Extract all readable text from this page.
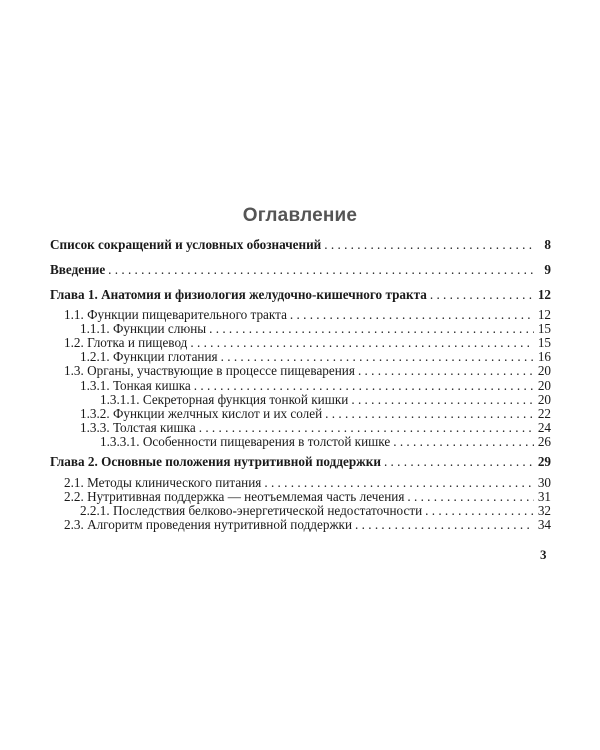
Оглавление
Список сокращений и условных обозначений . . .	8
Введение . . .	9
Глава 1. Анатомия и физиология желудочно-кишечного тракта . . .	12
1.1. Функции пищеварительного тракта . . .	12
1.1.1. Функции слюны . . .	15
1.2. Глотка и пищевод . . .	15
1.2.1. Функции глотания . . .	16
1.3. Органы, участвующие в процессе пищеварения . . .	20
1.3.1. Тонкая кишка . . .	20
1.3.1.1. Секреторная функция тонкой кишки . . .	20
1.3.2. Функции желчных кислот и их солей . . .	22
1.3.3. Толстая кишка . . .	24
1.3.3.1. Особенности пищеварения в толстой кишке . . .	26
Глава 2. Основные положения нутритивной поддержки . . .	29
2.1. Методы клинического питания . . .	30
2.2. Нутритивная поддержка — неотъемлемая часть лечения . . .	31
2.2.1. Последствия белково-энергетической недостаточности . . .	32
2.3. Алгоритм проведения нутритивной поддержки . . .	34
3
